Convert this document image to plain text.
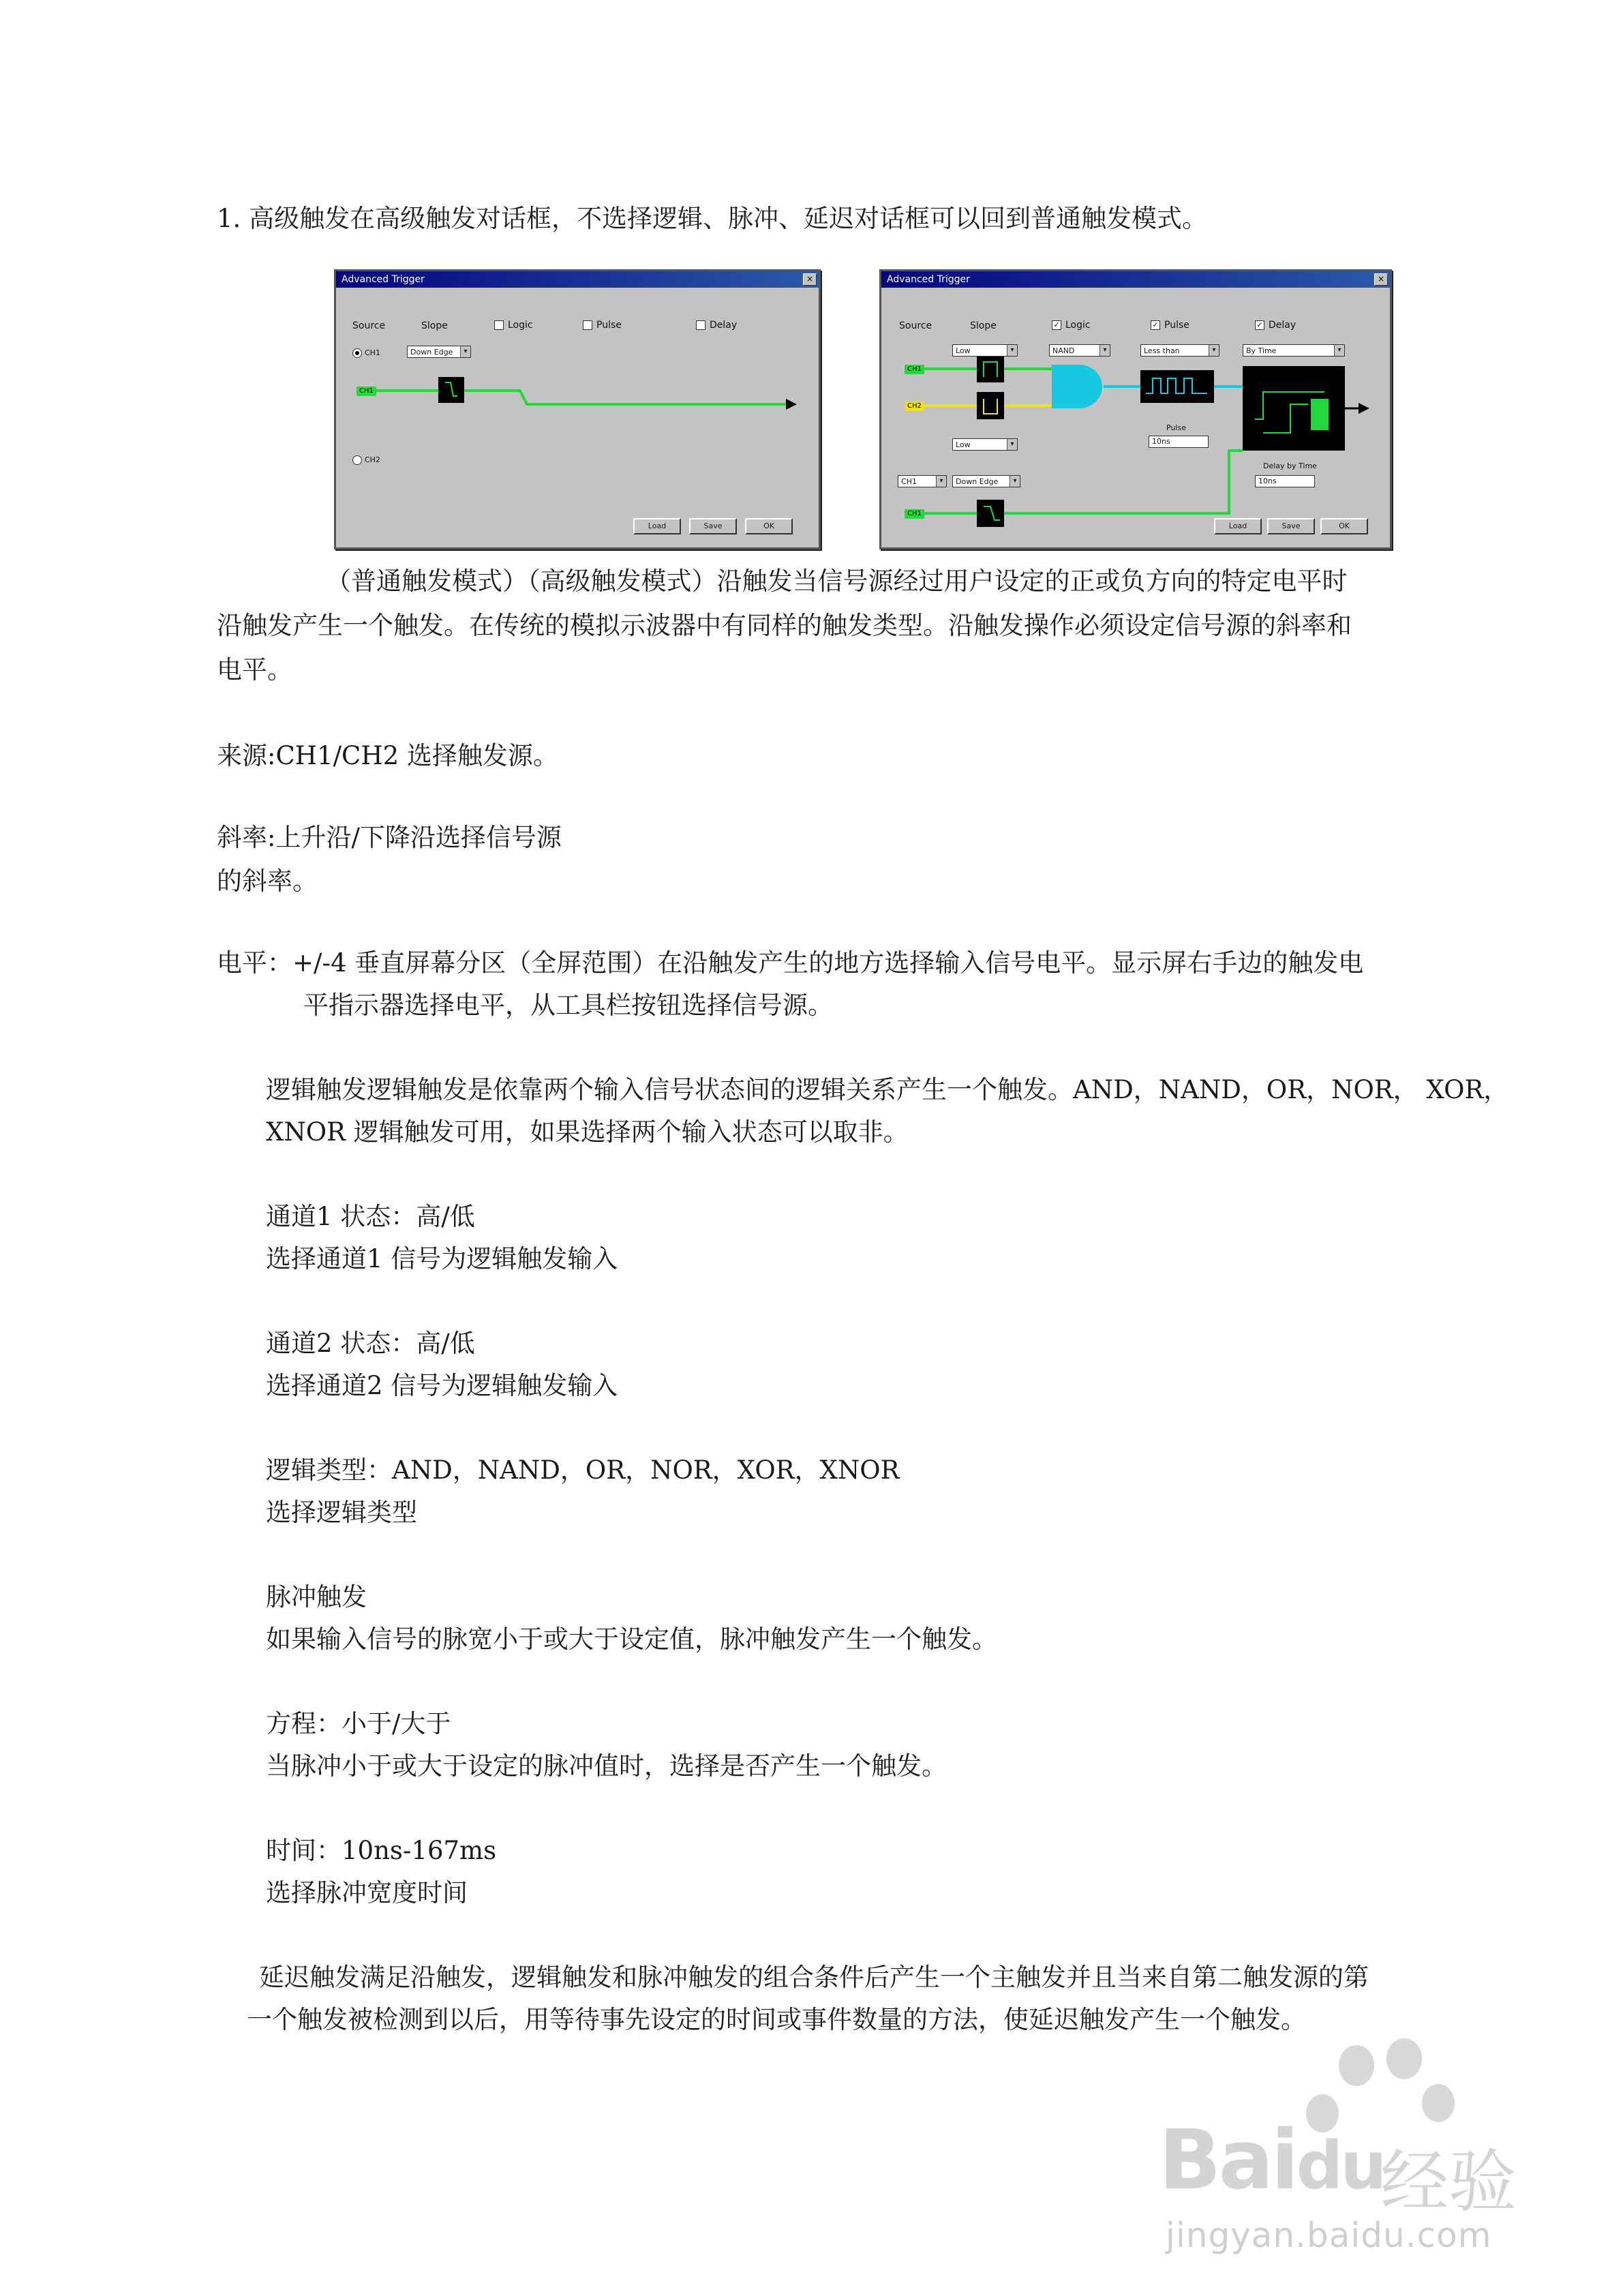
1. 高级触发在高级触发对话框，不选择逻辑、脉冲、延迟对话框可以回到普通触发模式。

Advanced Trigger	×
Source	Slope	Logic	Pulse	Delay
CH1	Down Edge ▾
CH1
CH2
Load	Save	OK
Advanced Trigger	×
Source	Slope	✓ Logic	✓ Pulse	✓ Delay
Low ▾	NAND ▾	Less than ▾	By Time ▾
CH1
CH2
Low ▾
Pulse
10ns
CH1 ▾	Down Edge ▾
Delay by Time
10ns
CH1
Load	Save	OK

（普通触发模式）（高级触发模式）沿触发当信号源经过用户设定的正或负方向的特定电平时

沿触发产生一个触发。在传统的模拟示波器中有同样的触发类型。沿触发操作必须设定信号源的斜率和

电平。

来源:CH1/CH2 选择触发源。

斜率:上升沿/下降沿选择信号源

的斜率。

电平：+/-4 垂直屏幕分区（全屏范围）在沿触发产生的地方选择输入信号电平。显示屏右手边的触发电

平指示器选择电平，从工具栏按钮选择信号源。

逻辑触发逻辑触发是依靠两个输入信号状态间的逻辑关系产生一个触发。AND，NAND，OR，NOR， XOR，

XNOR 逻辑触发可用，如果选择两个输入状态可以取非。

通道1 状态：高/低

选择通道1 信号为逻辑触发输入

通道2 状态：高/低

选择通道2 信号为逻辑触发输入

逻辑类型：AND，NAND，OR，NOR，XOR，XNOR

选择逻辑类型

脉冲触发

如果输入信号的脉宽小于或大于设定值，脉冲触发产生一个触发。

方程：小于/大于

当脉冲小于或大于设定的脉冲值时，选择是否产生一个触发。

时间：10ns-167ms

选择脉冲宽度时间

延迟触发满足沿触发，逻辑触发和脉冲触发的组合条件后产生一个主触发并且当来自第二触发源的第

一个触发被检测到以后，用等待事先设定的时间或事件数量的方法，使延迟触发产生一个触发。

Baidu
经验
jingyan.baidu.com
